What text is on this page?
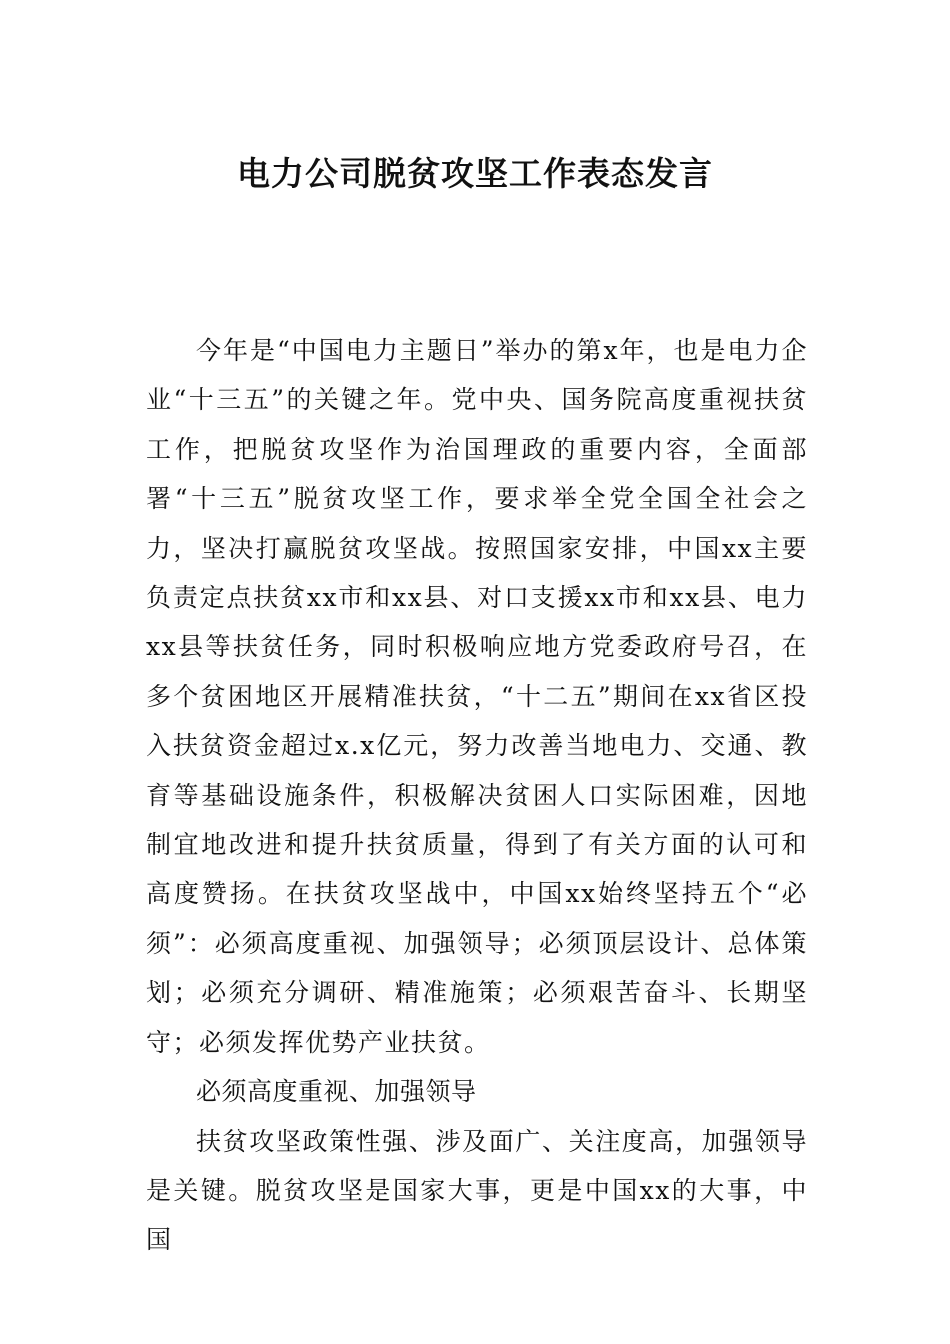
电力公司脱贫攻坚工作表态发言

今年是“中国电力主题日”举办的第x年，也是电力企业“十三五”的关键之年。党中央、国务院高度重视扶贫工作，把脱贫攻坚作为治国理政的重要内容，全面部署“十三五”脱贫攻坚工作，要求举全党全国全社会之力，坚决打赢脱贫攻坚战。按照国家安排，中国xx主要负责定点扶贫xx市和xx县、对口支援xx市和xx县、电力xx县等扶贫任务，同时积极响应地方党委政府号召，在多个贫困地区开展精准扶贫，“十二五”期间在xx省区投入扶贫资金超过x.x亿元，努力改善当地电力、交通、教育等基础设施条件，积极解决贫困人口实际困难，因地制宜地改进和提升扶贫质量，得到了有关方面的认可和高度赞扬。在扶贫攻坚战中，中国xx始终坚持五个“必须”：必须高度重视、加强领导；必须顶层设计、总体策划；必须充分调研、精准施策；必须艰苦奋斗、长期坚守；必须发挥优势产业扶贫。

必须高度重视、加强领导

扶贫攻坚政策性强、涉及面广、关注度高，加强领导是关键。脱贫攻坚是国家大事，更是中国xx的大事，中国
